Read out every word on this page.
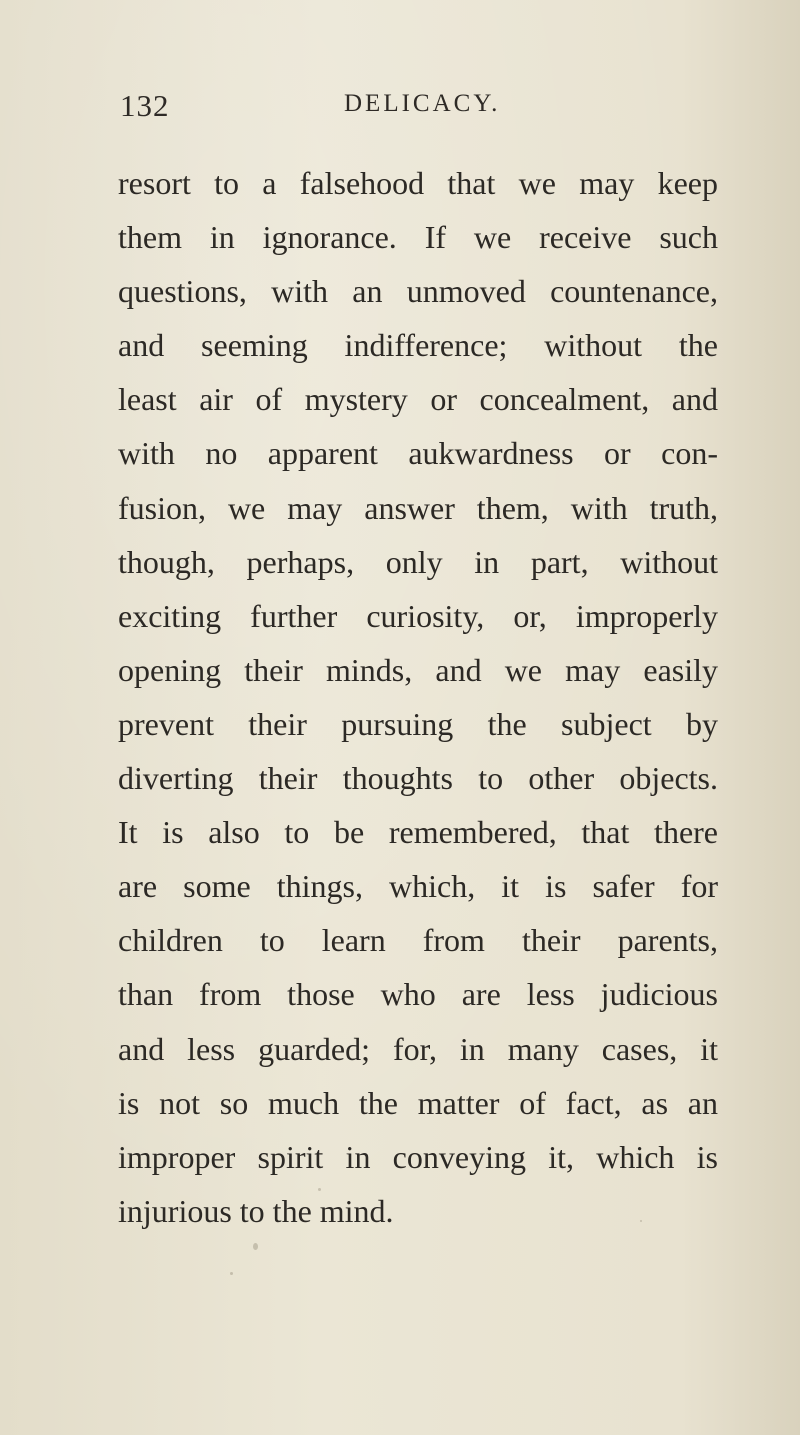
132	DELICACY.
resort to a falsehood that we may keep
them in ignorance. If we receive such
questions, with an unmoved countenance,
and seeming indifference; without the
least air of mystery or concealment, and
with no apparent aukwardness or con-
fusion, we may answer them, with truth,
though, perhaps, only in part, without
exciting further curiosity, or, improperly
opening their minds, and we may easily
prevent their pursuing the subject by
diverting their thoughts to other objects.
It is also to be remembered, that there
are some things, which, it is safer for
children to learn from their parents,
than from those who are less judicious
and less guarded; for, in many cases, it
is not so much the matter of fact, as an
improper spirit in conveying it, which is
injurious to the mind.
